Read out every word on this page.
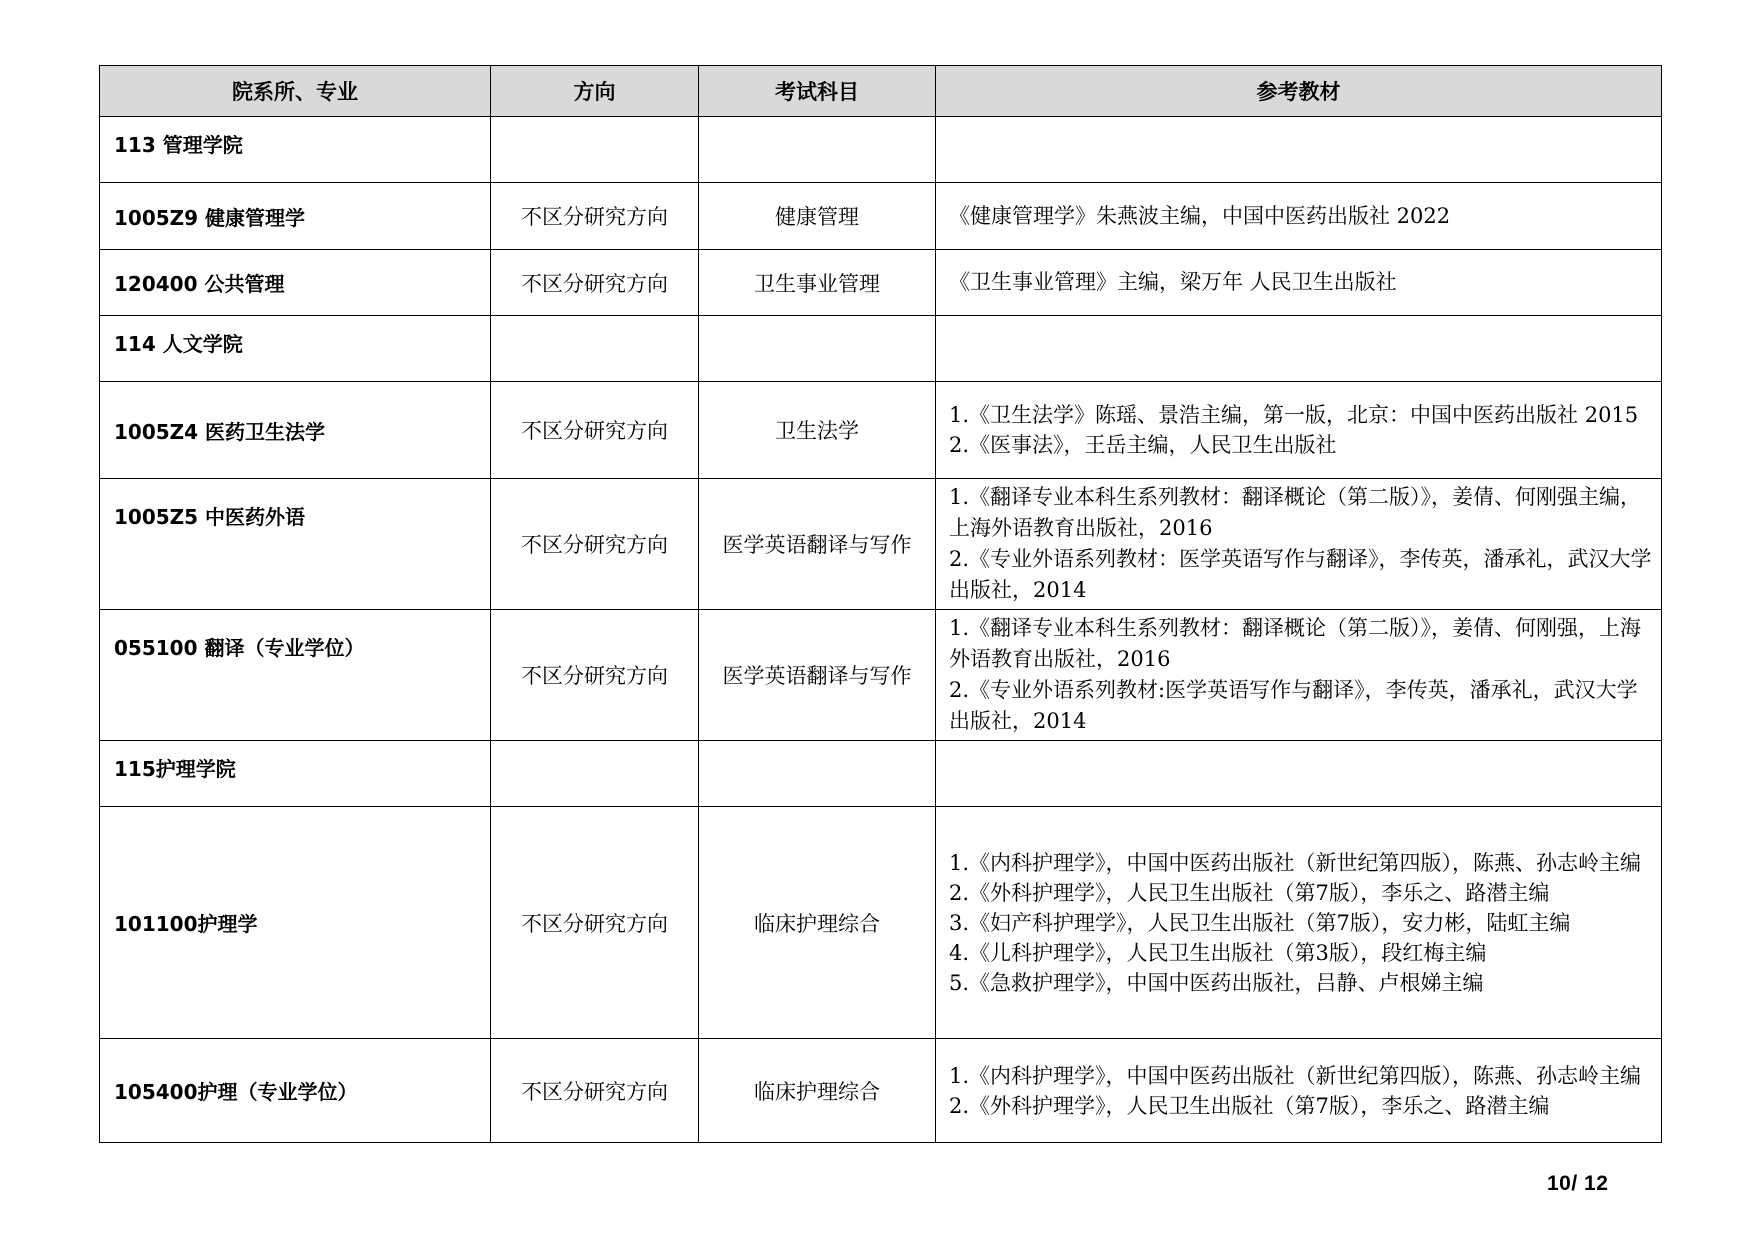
院系所、专业	方向	考试科目	参考教材
113 管理学院			
1005Z9 健康管理学	不区分研究方向	健康管理	《健康管理学》朱燕波主编，中国中医药出版社 2022

120400 公共管理	不区分研究方向	卫生事业管理	《卫生事业管理》主编，梁万年 人民卫生出版社

114 人文学院			
1005Z4 医药卫生法学	不区分研究方向	卫生法学	1.《卫生法学》陈瑶、景浩主编，第一版，北京：中国中医药出版社 2015

2.《医事法》，王岳主编，人民卫生出版社

1005Z5 中医药外语	不区分研究方向	医学英语翻译与写作	1.《翻译专业本科生系列教材：翻译概论（第二版）》，姜倩、何刚强主编，上海外语教育出版社，2016

2.《专业外语系列教材：医学英语写作与翻译》，李传英，潘承礼，武汉大学出版社，2014

055100 翻译（专业学位）	不区分研究方向	医学英语翻译与写作	1.《翻译专业本科生系列教材：翻译概论（第二版）》，姜倩、何刚强，上海外语教育出版社，2016

2.《专业外语系列教材:医学英语写作与翻译》，李传英，潘承礼，武汉大学出版社，2014

115护理学院			
101100护理学	不区分研究方向	临床护理综合	1.《内科护理学》，中国中医药出版社（新世纪第四版），陈燕、孙志岭主编

2.《外科护理学》，人民卫生出版社（第7版），李乐之、路潜主编

3.《妇产科护理学》，人民卫生出版社（第7版），安力彬，陆虹主编

4.《儿科护理学》，人民卫生出版社（第3版），段红梅主编

5.《急救护理学》，中国中医药出版社，吕静、卢根娣主编

105400护理（专业学位）	不区分研究方向	临床护理综合	1.《内科护理学》，中国中医药出版社（新世纪第四版），陈燕、孙志岭主编

2.《外科护理学》，人民卫生出版社（第7版），李乐之、路潜主编

10/ 12
